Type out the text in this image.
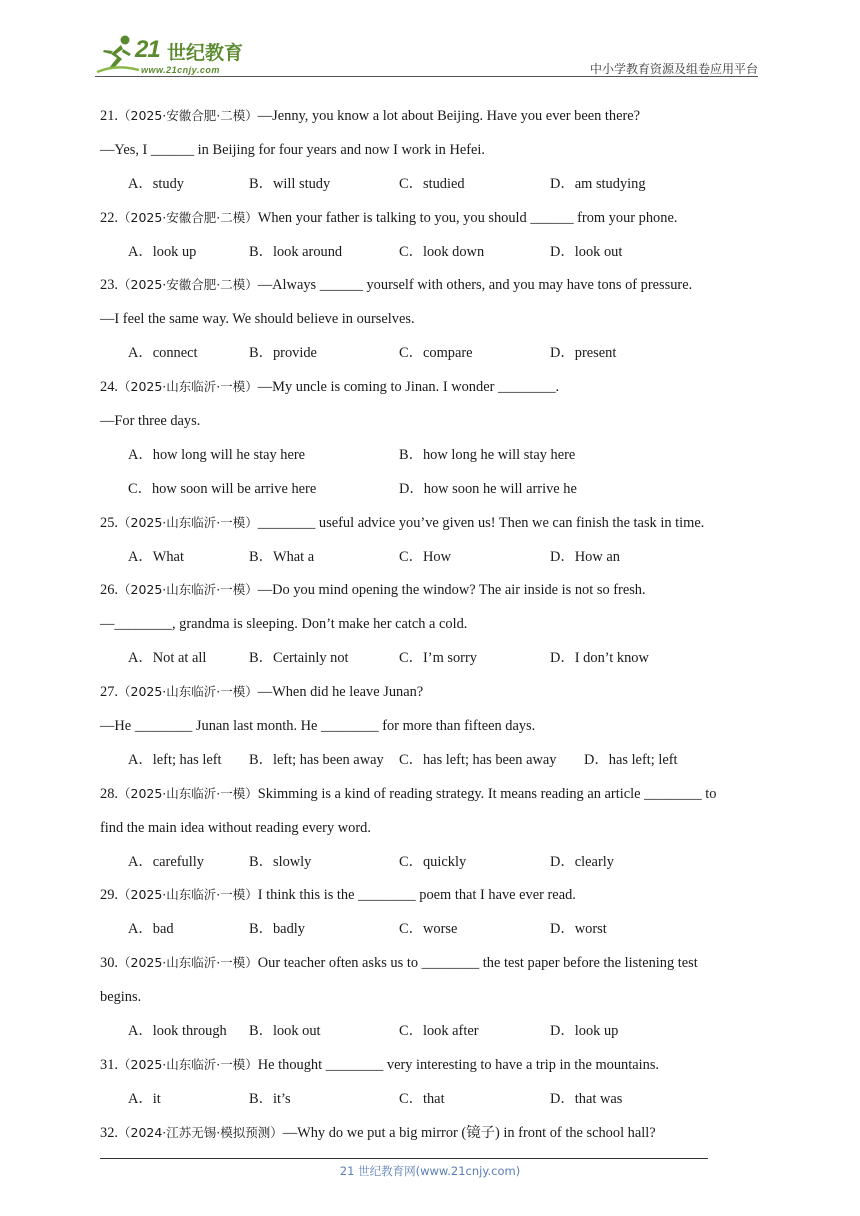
21 世纪教育
www.21cnjy.com	中小学教育资源及组卷应用平台
21.（2025·安徽合肥·二模）—Jenny, you know a lot about Beijing. Have you ever been there?
—Yes, I ______ in Beijing for four years and now I work in Hefei.
A．study	B．will study	C．studied	D．am studying
22.（2025·安徽合肥·二模）When your father is talking to you, you should ______ from your phone.
A．look up	B．look around	C．look down	D．look out
23.（2025·安徽合肥·二模）—Always ______ yourself with others, and you may have tons of pressure.
—I feel the same way. We should believe in ourselves.
A．connect	B．provide	C．compare	D．present
24.（2025·山东临沂·一模）—My uncle is coming to Jinan. I wonder ________.
—For three days.
A．how long will he stay here	B．how long he will stay here
C．how soon will be arrive here	D．how soon he will arrive he
25.（2025·山东临沂·一模）________ useful advice you’ve given us! Then we can finish the task in time.
A．What	B．What a	C．How	D．How an
26.（2025·山东临沂·一模）—Do you mind opening the window? The air inside is not so fresh.
—________, grandma is sleeping. Don’t make her catch a cold.
A．Not at all	B．Certainly not	C．I’m sorry	D．I don’t know
27.（2025·山东临沂·一模）—When did he leave Junan?
—He ________ Junan last month. He ________ for more than fifteen days.
A．left; has left B．left; has been away C．has left; has been away D．has left; left
28.（2025·山东临沂·一模）Skimming is a kind of reading strategy. It means reading an article ________ to
find the main idea without reading every word.
A．carefully	B．slowly	C．quickly	D．clearly
29.（2025·山东临沂·一模）I think this is the ________ poem that I have ever read.
A．bad	B．badly	C．worse	D．worst
30.（2025·山东临沂·一模）Our teacher often asks us to ________ the test paper before the listening test
begins.
A．look through B．look out	C．look after	D．look up
31.（2025·山东临沂·一模）He thought ________ very interesting to have a trip in the mountains.
A．it	B．it’s	C．that	D．that was
32.（2024·江苏无锡·模拟预测）—Why do we put a big mirror (镜子) in front of the school hall?
21 世纪教育网(www.21cnjy.com)
